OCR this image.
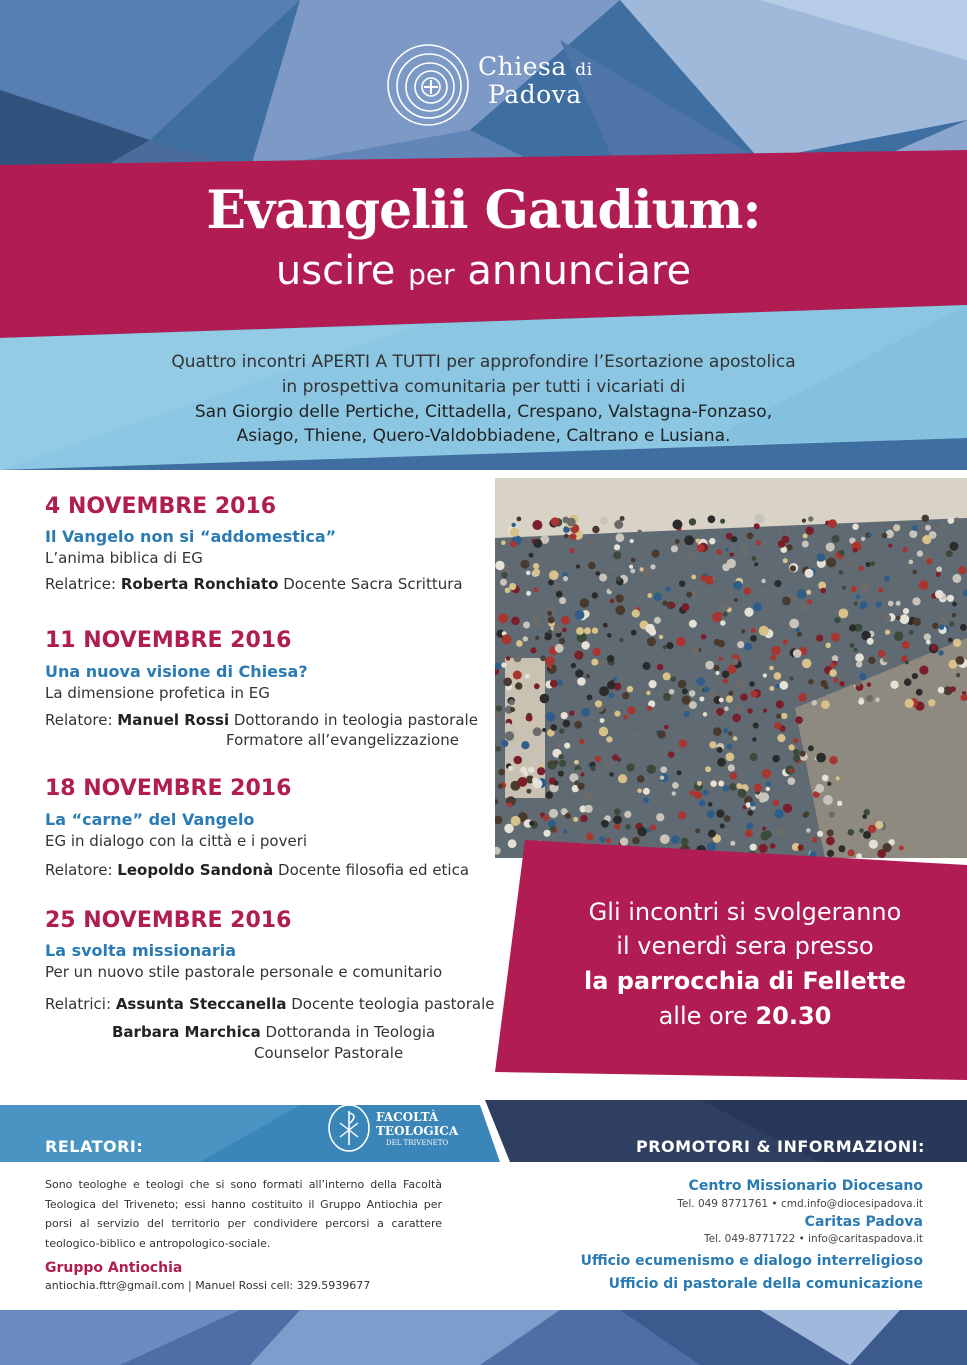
Chiesa di
Padova
Evangelii Gaudium:
uscire per annunciare
Quattro incontri APERTI A TUTTI per approfondire l’Esortazione apostolica
in prospettiva comunitaria per tutti i vicariati di
San Giorgio delle Pertiche, Cittadella, Crespano, Valstagna-Fonzaso,
Asiago, Thiene, Quero-Valdobbiadene, Caltrano e Lusiana.
Gli incontri si svolgeranno
il venerdì sera presso
la parrocchia di Fellette
alle ore 20.30
4 NOVEMBRE 2016
Il Vangelo non si “addomestica”
L’anima biblica di EG
Relatrice: Roberta Ronchiato Docente Sacra Scrittura
11 NOVEMBRE 2016
Una nuova visione di Chiesa?
La dimensione profetica in EG
Relatore: Manuel Rossi Dottorando in teologia pastorale
Formatore all’evangelizzazione
18 NOVEMBRE 2016
La “carne” del Vangelo
EG in dialogo con la città e i poveri
Relatore: Leopoldo Sandonà Docente filosofia ed etica
25 NOVEMBRE 2016
La svolta missionaria
Per un nuovo stile pastorale personale e comunitario
Relatrici: Assunta Steccanella Docente teologia pastorale
Barbara Marchica Dottoranda in Teologia
Counselor Pastorale
FACOLTÀ
TEOLOGICA
DEL TRIVENETO
RELATORI:	PROMOTORI & INFORMAZIONI:
Sono teologhe e teologi che si sono formati all’interno della Facoltà Teologica del Triveneto; essi hanno costituito il Gruppo Antiochia per porsi al servizio del territorio per condividere percorsi a carattere teologico-biblico e antropologico-sociale.
Gruppo Antiochia
antiochia.fttr@gmail.com | Manuel Rossi cell: 329.5939677
Centro Missionario Diocesano
Tel. 049 8771761 • cmd.info@diocesipadova.it
Caritas Padova
Tel. 049-8771722 • info@caritaspadova.it
Ufficio ecumenismo e dialogo interreligioso
Ufficio di pastorale della comunicazione
